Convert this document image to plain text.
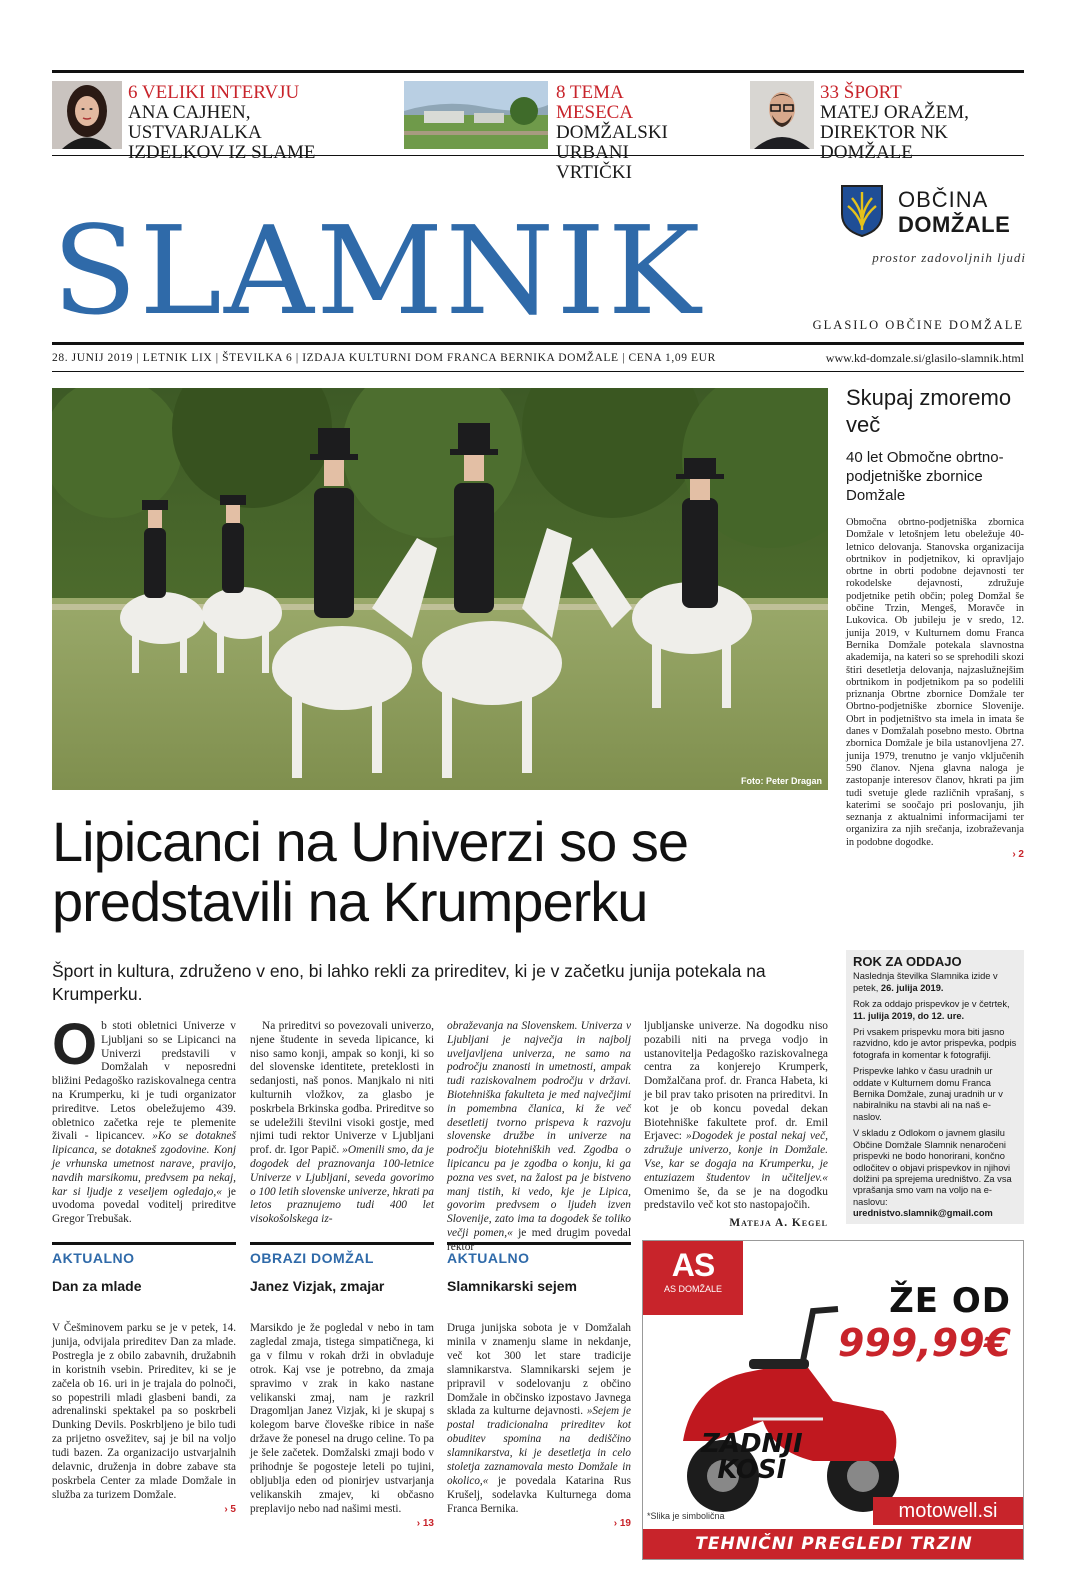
6 VELIKI INTERVJU
ANA CAJHEN, USTVARJALKA
IZDELKOV IZ SLAME
8 TEMA MESECA
DOMŽALSKI
URBANI VRTIČKI
33 ŠPORT
MATEJ ORAŽEM,
DIREKTOR NK DOMŽALE
SLAMNIK
OBČINA
DOMŽALE
prostor zadovoljnih ljudi
GLASILO OBČINE DOMŽALE
28. JUNIJ 2019 | LETNIK LIX | ŠTEVILKA 6 | IZDAJA KULTURNI DOM FRANCA BERNIKA DOMŽALE | CENA 1,09 EUR	www.kd-domzale.si/glasilo-slamnik.html
Foto: Peter Dragan
Lipicanci na Univerzi so se
predstavili na Krumperku
Šport in kultura, združeno v eno, bi lahko rekli za prireditev, ki je v začetku junija potekala na Krumperku.
Ob stoti obletnici Univerze v Ljubljani so se Lipicanci na Univerzi predstavili v Domžalah v neposredni bližini Pedagoško raziskovalnega centra na Krumperku, ki je tudi organizator prireditve. Letos obeležujemo 439. obletnico začetka reje te plemenite živali - lipicancev. »Ko se dotakneš lipicanca, se dotakneš zgodovine. Konj je vrhunska umetnost narave, pravijo, navdih marsikomu, predvsem pa nekaj, kar si ljudje z veseljem ogledajo,« je uvodoma povedal voditelj prireditve Gregor Trebušak.
Na prireditvi so povezovali univerzo, njene študente in seveda lipicance, ki niso samo konji, ampak so konji, ki so del slovenske identitete, preteklosti in sedanjosti, naš ponos. Manjkalo ni niti kulturnih vložkov, za glasbo je poskrbela Brkinska godba. Prireditve so se udeležili številni visoki gostje, med njimi tudi rektor Univerze v Ljubljani prof. dr. Igor Papič. »Omenili smo, da je dogodek del praznovanja 100-letnice Univerze v Ljubljani, seveda govorimo o 100 letih slovenske univerze, hkrati pa letos praznujemo tudi 400 let visokošolskega iz-
obraževanja na Slovenskem. Univerza v Ljubljani je največja in najbolj uveljavljena univerza, ne samo na področju znanosti in umetnosti, ampak tudi raziskovalnem področju v državi. Biotehniška fakulteta je med največjimi in pomembna članica, ki že več desetletij tvorno prispeva k razvoju slovenske družbe in univerze na področju biotehniških ved. Zgodba o lipicancu pa je zgodba o konju, ki ga pozna ves svet, na žalost pa je bistveno manj tistih, ki vedo, kje je Lipica, govorim predvsem o ljudeh izven Slovenije, zato ima ta dogodek še toliko večji pomen,« je med drugim povedal rektor
ljubljanske univerze. Na dogodku niso pozabili niti na prvega vodjo in ustanovitelja Pedagoško raziskovalnega centra za konjerejo Krumperk, Domžalčana prof. dr. Franca Habeta, ki je bil prav tako prisoten na prireditvi. In kot je ob koncu povedal dekan Biotehniške fakultete prof. dr. Emil Erjavec: »Dogodek je postal nekaj več, združuje univerzo, konje in Domžale. Vse, kar se dogaja na Krumperku, je entuziazem študentov in učiteljev.« Omenimo še, da se je na dogodku predstavilo več kot sto nastopajočih.
Mateja A. Kegel
Skupaj zmoremo več
40 let Območne obrtno-podjetniške zbornice Domžale
Območna obrtno-podjetniška zbornica Domžale v letošnjem letu obeležuje 40-letnico delovanja. Stanovska organizacija obrtnikov in podjetnikov, ki opravljajo obrtne in obrti podobne dejavnosti ter rokodelske dejavnosti, združuje podjetnike petih občin; poleg Domžal še občine Trzin, Mengeš, Moravče in Lukovica. Ob jubileju je v sredo, 12. junija 2019, v Kulturnem domu Franca Bernika Domžale potekala slavnostna akademija, na kateri so se sprehodili skozi štiri desetletja delovanja, najzaslužnejšim obrtnikom in podjetnikom pa so podelili priznanja Obrtne zbornice Domžale ter Obrtno-podjetniške zbornice Slovenije. Obrt in podjetništvo sta imela in imata še danes v Domžalah posebno mesto. Obrtna zbornica Domžale je bila ustanovljena 27. junija 1979, trenutno je vanjo vključenih 590 članov. Njena glavna naloga je zastopanje interesov članov, hkrati pa jim tudi svetuje glede različnih vprašanj, s katerimi se soočajo pri poslovanju, jih seznanja z aktualnimi informacijami ter organizira za njih srečanja, izobraževanja in podobne dogodke.
› 2
ROK ZA ODDAJO

Naslednja številka Slamnika izide v petek, 26. julija 2019.

Rok za oddajo prispevkov je v četrtek, 11. julija 2019, do 12. ure.

Pri vsakem prispevku mora biti jasno razvidno, kdo je avtor prispevka, podpis fotografa in komentar k fotografiji.

Prispevke lahko v času uradnih ur oddate v Kulturnem domu Franca Bernika Domžale, zunaj uradnih ur v nabiralniku na stavbi ali na naš e-naslov.

V skladu z Odlokom o javnem glasilu Občine Domžale Slamnik nenaročeni prispevki ne bodo honorirani, končno odločitev o objavi prispevkov in njihovi dolžini pa sprejema uredništvo. Za vsa vprašanja smo vam na voljo na e-naslovu:

urednistvo.slamnik@gmail.com
AKTUALNO	OBRAZI DOMŽAL	AKTUALNO
Dan za mlade	Janez Vizjak, zmajar	Slamnikarski sejem
V Češminovem parku se je v petek, 14. junija, odvijala prireditev Dan za mlade. Postregla je z obilo zabavnih, družabnih in koristnih vsebin. Prireditev, ki se je začela ob 16. uri in je trajala do polnoči, so popestrili mladi glasbeni bandi, za adrenalinski spektakel pa so poskrbeli Dunking Devils. Poskrbljeno je bilo tudi za prijetno osvežitev, saj je bil na voljo tudi bazen. Za organizacijo ustvarjalnih delavnic, druženja in dobre zabave sta poskrbela Center za mlade Domžale in služba za turizem Domžale.
› 5
Marsikdo je že pogledal v nebo in tam zagledal zmaja, tistega simpatičnega, ki ga v filmu v rokah drži in obvladuje otrok. Kaj vse je potrebno, da zmaja spravimo v zrak in kako nastane velikanski zmaj, nam je razkril Dragomljan Janez Vizjak, ki je skupaj s kolegom barve človeške ribice in naše države že ponesel na drugo celine. To pa je šele začetek. Domžalski zmaji bodo v prihodnje še pogosteje leteli po tujini, obljublja eden od pionirjev ustvarjanja velikanskih zmajev, ki občasno preplavijo nebo nad našimi mesti.
› 13
Druga junijska sobota je v Domžalah minila v znamenju slame in nekdanje, več kot 300 let stare tradicije slamnikarstva. Slamnikarski sejem je pripravil v sodelovanju z občino Domžale in občinsko izpostavo Javnega sklada za kulturne dejavnosti. »Sejem je postal tradicionalna prireditev kot obuditev spomina na dediščino slamnikarstva, ki je desetletja in celo stoletja zaznamovala mesto Domžale in okolico,« je povedala Katarina Rus Krušelj, sodelavka Kulturnega doma Franca Bernika.
› 19
AS
AS DOMŽALE	ŽE OD
999,99€
ZADNJI
KOSI
*Slika je simbolična	motowell.si
TEHNIČNI PREGLEDI TRZIN
